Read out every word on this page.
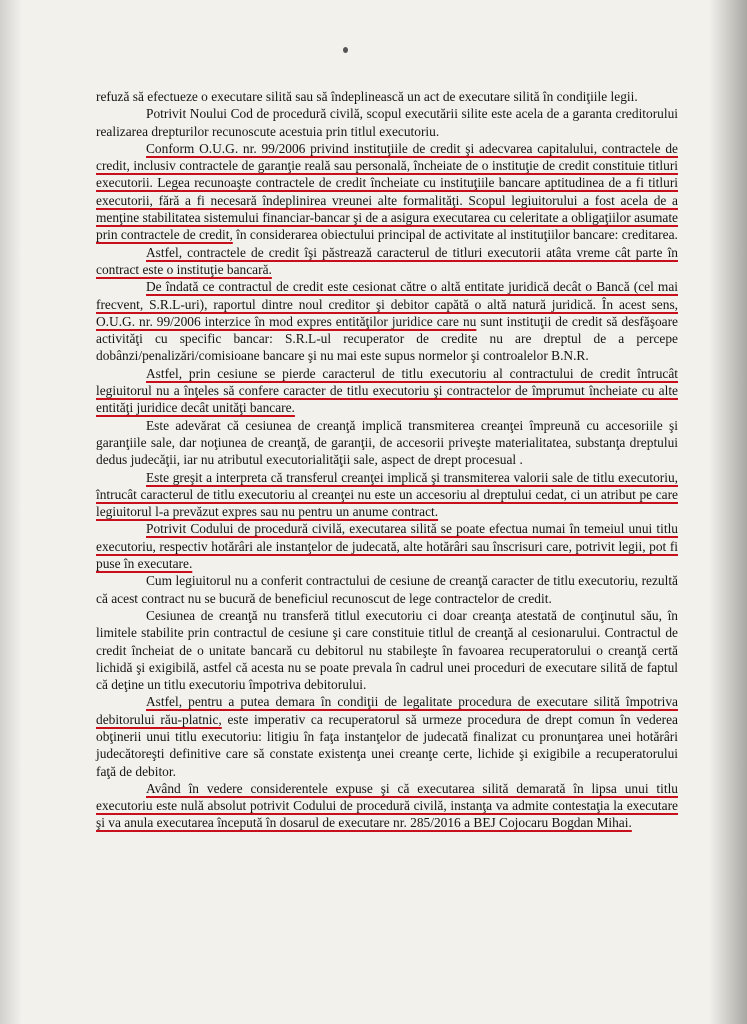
refuză să efectueze o executare silită sau să îndeplinească un act de executare silită în condiţiile legii.

Potrivit Noului Cod de procedură civilă, scopul executării silite este acela de a garanta creditorului realizarea drepturilor recunoscute acestuia prin titlul executoriu.

Conform O.U.G. nr. 99/2006 privind instituţiile de credit şi adecvarea capitalului, contractele de credit, inclusiv contractele de garanţie reală sau personală, încheiate de o instituţie de credit constituie titluri executorii. Legea recunoaşte contractele de credit încheiate cu instituţiile bancare aptitudinea de a fi titluri executorii, fără a fi necesară îndeplinirea vreunei alte formalităţi. Scopul legiuitorului a fost acela de a menţine stabilitatea sistemului financiar-bancar şi de a asigura executarea cu celeritate a obligaţiilor asumate prin contractele de credit, în considerarea obiectului principal de activitate al instituţiilor bancare: creditarea.

Astfel, contractele de credit îşi păstrează caracterul de titluri executorii atâta vreme cât parte în contract este o instituţie bancară.

De îndată ce contractul de credit este cesionat către o altă entitate juridică decât o Bancă (cel mai frecvent, S.R.L-uri), raportul dintre noul creditor şi debitor capătă o altă natură juridică. În acest sens, O.U.G. nr. 99/2006 interzice în mod expres entităţilor juridice care nu sunt instituţii de credit să desfăşoare activităţi cu specific bancar: S.R.L-ul recuperator de credite nu are dreptul de a percepe dobânzi/penalizări/comisioane bancare şi nu mai este supus normelor şi controalelor B.N.R.

Astfel, prin cesiune se pierde caracterul de titlu executoriu al contractului de credit întrucât legiuitorul nu a înţeles să confere caracter de titlu executoriu şi contractelor de împrumut încheiate cu alte entităţi juridice decât unităţi bancare.

Este adevărat că cesiunea de creanţă implică transmiterea creanţei împreună cu accesoriile şi garanţiile sale, dar noţiunea de creanţă, de garanţii, de accesorii priveşte materialitatea, substanţa dreptului dedus judecăţii, iar nu atributul executorialităţii sale, aspect de drept procesual .

Este greşit a interpreta că transferul creanţei implică şi transmiterea valorii sale de titlu executoriu, întrucât caracterul de titlu executoriu al creanţei nu este un accesoriu al dreptului cedat, ci un atribut pe care legiuitorul l-a prevăzut expres sau nu pentru un anume contract.

Potrivit Codului de procedură civilă, executarea silită se poate efectua numai în temeiul unui titlu executoriu, respectiv hotărâri ale instanţelor de judecată, alte hotărâri sau înscrisuri care, potrivit legii, pot fi puse în executare.

Cum legiuitorul nu a conferit contractului de cesiune de creanţă caracter de titlu executoriu, rezultă că acest contract nu se bucură de beneficiul recunoscut de lege contractelor de credit.

Cesiunea de creanţă nu transferă titlul executoriu ci doar creanţa atestată de conţinutul său, în limitele stabilite prin contractul de cesiune şi care constituie titlul de creanţă al cesionarului. Contractul de credit încheiat de o unitate bancară cu debitorul nu stabileşte în favoarea recuperatorului o creanţă certă lichidă şi exigibilă, astfel că acesta nu se poate prevala în cadrul unei proceduri de executare silită de faptul că deţine un titlu executoriu împotriva debitorului.

Astfel, pentru a putea demara în condiţii de legalitate procedura de executare silită împotriva debitorului rău-platnic, este imperativ ca recuperatorul să urmeze procedura de drept comun în vederea obţinerii unui titlu executoriu: litigiu în faţa instanţelor de judecată finalizat cu pronunţarea unei hotărâri judecătoreşti definitive care să constate existenţa unei creanţe certe, lichide şi exigibile a recuperatorului faţă de debitor.

Având în vedere considerentele expuse şi că executarea silită demarată în lipsa unui titlu executoriu este nulă absolut potrivit Codului de procedură civilă, instanţa va admite contestaţia la executare şi va anula executarea începută în dosarul de executare nr. 285/2016 a BEJ Cojocaru Bogdan Mihai.
